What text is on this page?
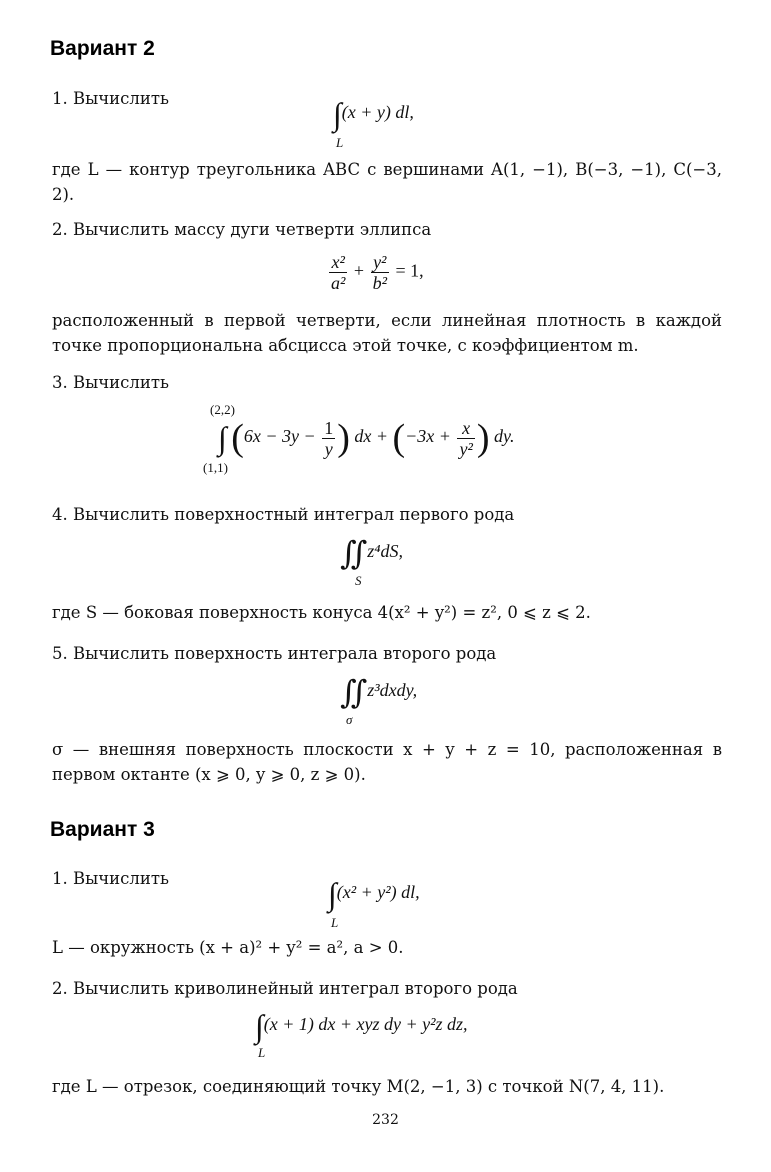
Вариант 2
1. Вычислить	∫(x + y) dl,
L
где L — контур треугольника ABC с вершинами A(1, −1), B(−3, −1), C(−3, 2).
2. Вычислить массу дуги четверти эллипса
$\frac{\text{x²}}{\text{a²}} + \frac{\text{y²}}{\text{b²}} = 1$,
расположенный в первой четверти, если линейная плотность в каждой точке пропорциональна абсцисса этой точке, с коэффициентом m.
3. Вычислить
(2,2)
∫ ($6x - 3y - \frac{1}{y}$ ) dx + ($-3x + \frac{x}{\text{y²}}$ ) dy.
(1,1)
4. Вычислить поверхностный интеграл первого рода
∬z⁴dS,
S
где S — боковая поверхность конуса 4(x² + y²) = z², 0 ⩽ z ⩽ 2.
5. Вычислить поверхность интеграла второго рода
∬z³dxdy,
σ
σ — внешняя поверхность плоскости x + y + z = 10, расположенная в первом октанте (x ⩾ 0, y ⩾ 0, z ⩾ 0).
Вариант 3
1. Вычислить	∫(x² + y²) dl,
L
L — окружность (x + a)² + y² = a², a > 0.
2. Вычислить криволинейный интеграл второго рода
∫(x + 1) dx + xyz dy + y²z dz,
L
где L — отрезок, соединяющий точку M(2, −1, 3) с точкой N(7, 4, 11).
232
